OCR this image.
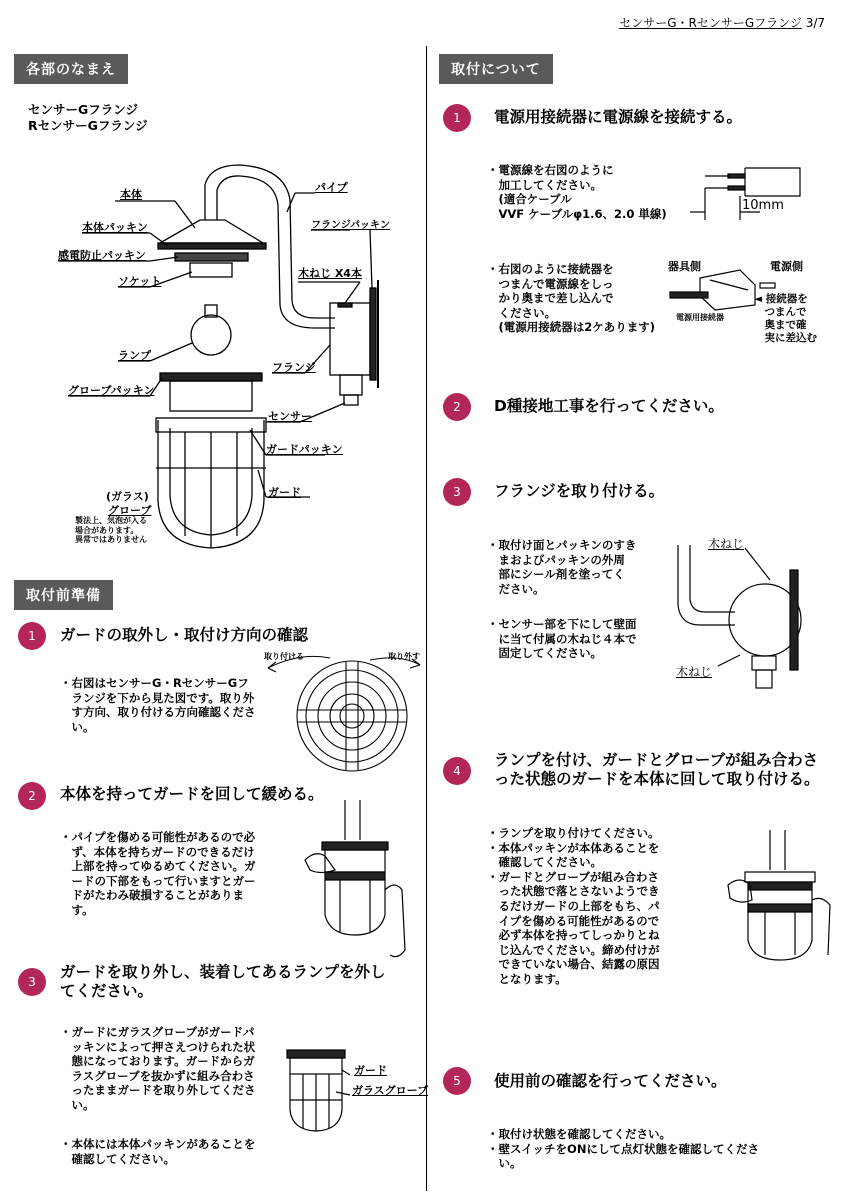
センサーG・RセンサーGフランジ 3/7
各部のなまえ
センサーGフランジ
RセンサーGフランジ
本体
本体パッキン
感電防止パッキン
ソケット
ランプ
グローブパッキン
パイプ
フランジパッキン
木ねじ X4本
フランジ
センサー
ガードパッキン
ガード
(ガラス)
グローブ
製法上、気泡が入る
場合があります。
異常ではありません
取付前準備
1	ガードの取外し・取付け方向の確認
・右図はセンサーG・RセンサーGフ
　ランジを下から見た図です。取り外
　す方向、取り付ける方向確認くださ
　い。
取り付ける	取り外す
2	本体を持ってガードを回して緩める。
・パイプを傷める可能性があるので必
　ず、本体を持ちガードのできるだけ
　上部を持ってゆるめてください。ガ
　ードの下部をもって行いますとガー
　ドがたわみ破損することがありま
　す。
3
ガードを取り外し、装着してあるランプを外し
てください。
・ガードにガラスグローブがガードパ
　ッキンによって押さえつけられた状
　態になっております。ガードからガ
　ラスグローブを抜かずに組み合わさ
　ったままガードを取り外してくださ
　い。
・本体には本体パッキンがあることを
　確認してください。
ガード
ガラスグローブ
取付について
1	電源用接続器に電源線を接続する。
・電源線を右図のように
　加工してください。
　(適合ケーブル
　VVF ケーブルφ1.6、2.0 単線)
10mm
・右図のように接続器を
　つまんで電源線をしっ
　かり奥まで差し込んで
　ください。
　(電源用接続器は2ケあります)
器具側	電源側
電源用接続器
◄ 接続器を
　つまんで
　奥まで確
　実に差込む
2	D種接地工事を行ってください。
3	フランジを取り付ける。
・取付け面とパッキンのすき
　まおよびパッキンの外周
　部にシール剤を塗ってく
　ださい。
・センサー部を下にして壁面
　に当て付属の木ねじ４本で
　固定してください。
木ねじ
木ねじ
4
ランプを付け、ガードとグローブが組み合わさ
った状態のガードを本体に回して取り付ける。
・ランプを取り付けてください。
・本体パッキンが本体あることを
　確認してください。
・ガードとグローブが組み合わさ
　った状態で落とさないようでき
　るだけガードの上部をもち、パ
　イプを傷める可能性があるので
　必ず本体を持ってしっかりとね
　じ込んでください。締め付けが
　できていない場合、結露の原因
　となります。
5	使用前の確認を行ってください。
・取付け状態を確認してください。
・壁スイッチをONにして点灯状態を確認してくださ
　い。
